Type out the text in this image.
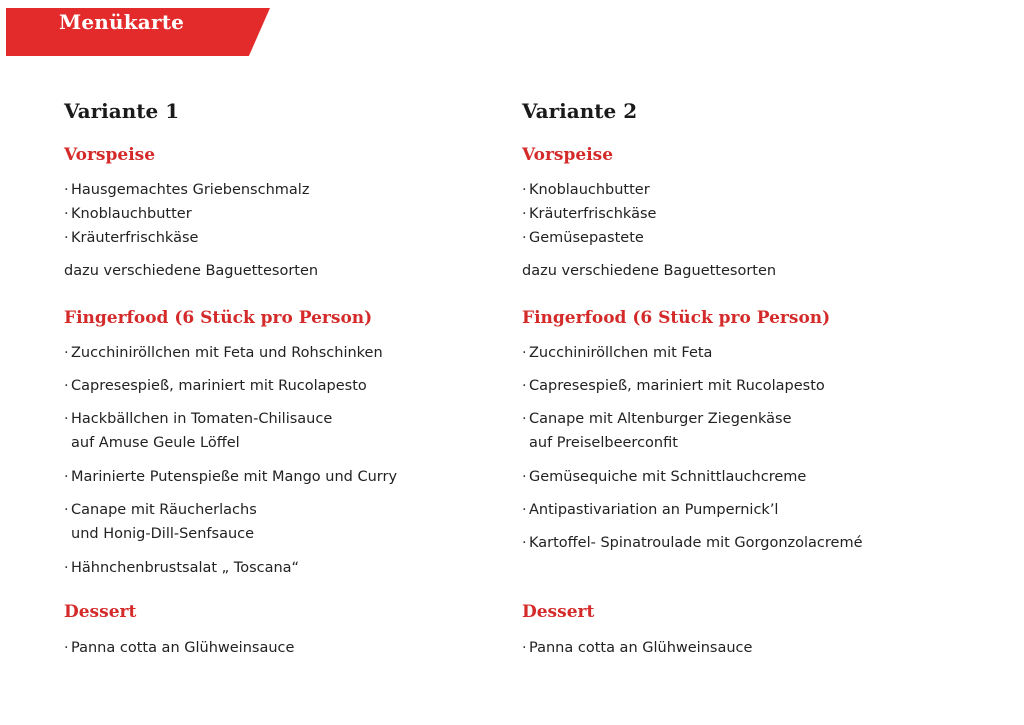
Menükarte
Variante 1
Vorspeise
· Hausgemachtes Griebenschmalz
· Knoblauchbutter
· Kräuterfrischkäse
dazu verschiedene Baguettesorten
Fingerfood (6 Stück pro Person)
· Zucchiniröllchen mit Feta und Rohschinken
· Capresespieß, mariniert mit Rucolapesto
· Hackbällchen in Tomaten-Chilisauce
auf Amuse Geule Löffel
· Marinierte Putenspieße mit Mango und Curry
· Canape mit Räucherlachs
und Honig-Dill-Senfsauce
· Hähnchenbrustsalat „ Toscana“
Dessert
· Panna cotta an Glühweinsauce
Variante 2
Vorspeise
· Knoblauchbutter
· Kräuterfrischkäse
· Gemüsepastete
dazu verschiedene Baguettesorten
Fingerfood (6 Stück pro Person)
· Zucchiniröllchen mit Feta
· Capresespieß, mariniert mit Rucolapesto
· Canape mit Altenburger Ziegenkäse
auf Preiselbeerconfit
· Gemüsequiche mit Schnittlauchcreme
· Antipastivariation an Pumpernick’l
· Kartoffel- Spinatroulade mit Gorgonzolacremé
Dessert
· Panna cotta an Glühweinsauce
